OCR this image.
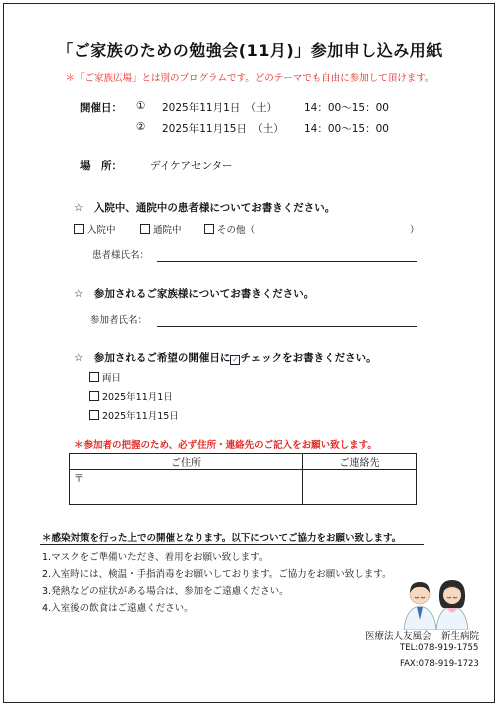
「ご家族のための勉強会(11月)」参加申し込み用紙
＊「ご家族広場」とは別のプログラムです。どのテーマでも自由に参加して頂けます。
開催日： ① 2025年11月1日　（土）	14：00～15：00
② 2025年11月15日　（土） 14：00～15：00
場　所：	デイケアセンター
☆　入院中、通院中の患者様についてお書きください。
入院中	通院中	その他（	）
患者様氏名：
☆　参加されるご家族様についてお書きください。
参加者氏名：
☆　参加されるご希望の開催日に ✓ チェックをお書きください。
両日
2025年11月1日
2025年11月15日
＊参加者の把握のため、必ず住所・連絡先のご記入をお願い致します。
ご住所	ご連絡先
〒	
＊感染対策を行った上での開催となります。以下についてご協力をお願い致します。
1.マスクをご準備いただき、着用をお願い致します。
2.入室時には、検温・手指消毒をお願いしております。ご協力をお願い致します。
3.発熱などの症状がある場合は、参加をご遠慮ください。
4.入室後の飲食はご遠慮ください。
医療法人友風会　新生病院
TEL:078-919-1755
FAX:078-919-1723
